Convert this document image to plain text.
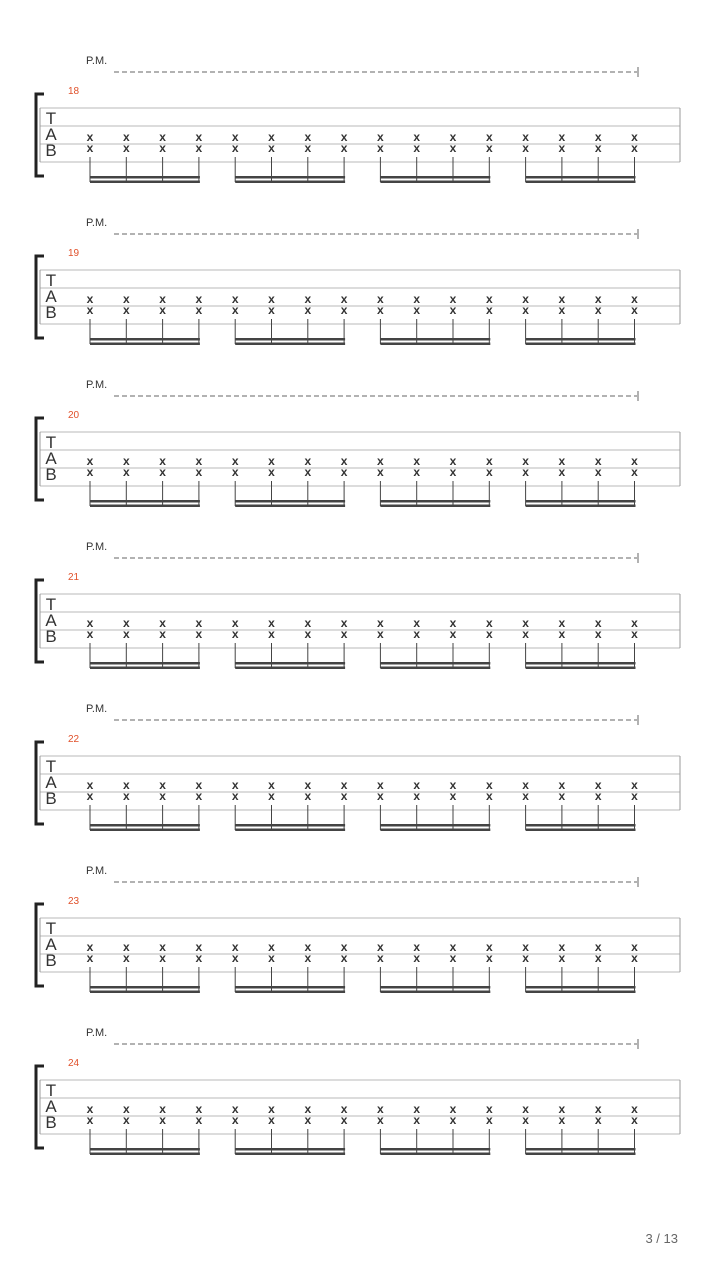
T
A
B
x
x
x
x
x
x
x
x
x
x
x
x
x
x
x
x
x
x
x
x
x
x
x
x
x
x
x
x
x
x
x
x
T
A
B
x
x
x
x
x
x
x
x
x
x
x
x
x
x
x
x
x
x
x
x
x
x
x
x
x
x
x
x
x
x
x
x
T
A
B
x
x
x
x
x
x
x
x
x
x
x
x
x
x
x
x
x
x
x
x
x
x
x
x
x
x
x
x
x
x
x
x
T
A
B
x
x
x
x
x
x
x
x
x
x
x
x
x
x
x
x
x
x
x
x
x
x
x
x
x
x
x
x
x
x
x
x
T
A
B
x
x
x
x
x
x
x
x
x
x
x
x
x
x
x
x
x
x
x
x
x
x
x
x
x
x
x
x
x
x
x
x
T
A
B
x
x
x
x
x
x
x
x
x
x
x
x
x
x
x
x
x
x
x
x
x
x
x
x
x
x
x
x
x
x
x
x
T
A
B
x
x
x
x
x
x
x
x
x
x
x
x
x
x
x
x
x
x
x
x
x
x
x
x
x
x
x
x
x
x
x
x
3 / 13
P.M.
18
P.M.
19
P.M.
20
P.M.
21
P.M.
22
P.M.
23
P.M.
24
